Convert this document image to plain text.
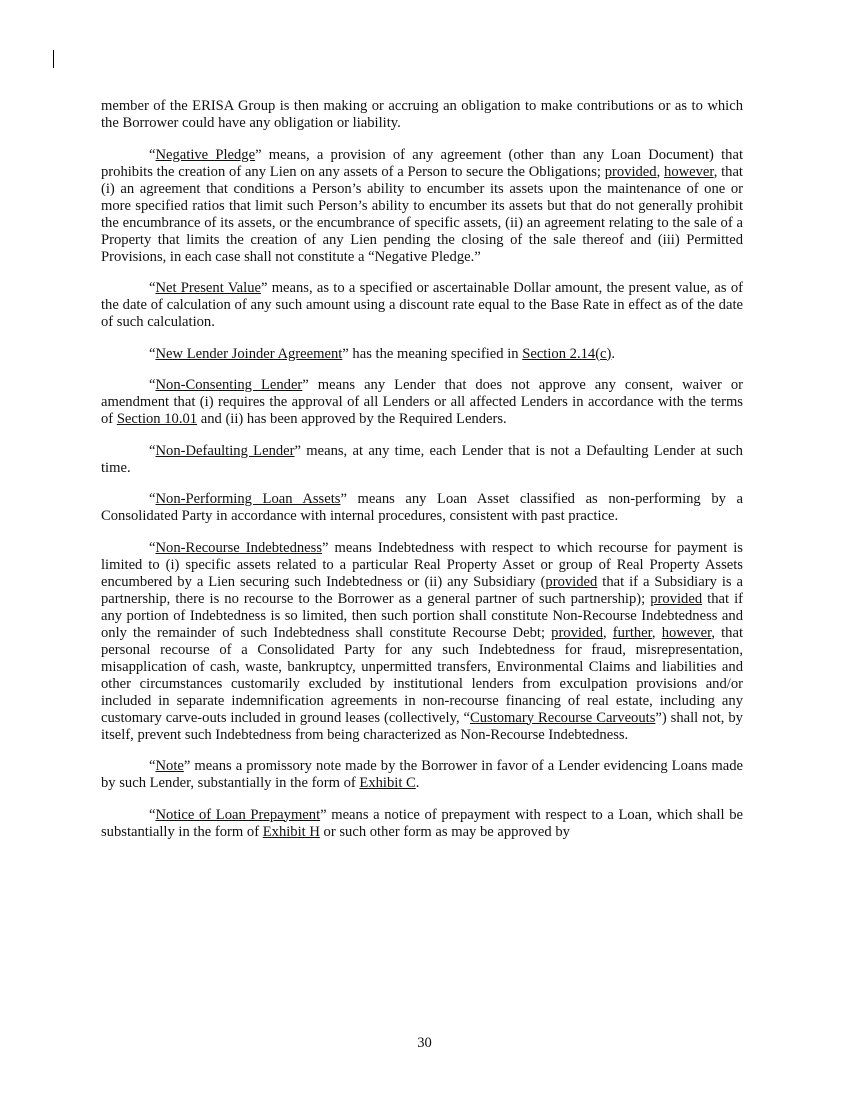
member of the ERISA Group is then making or accruing an obligation to make contributions or as to which the Borrower could have any obligation or liability.

“Negative Pledge” means, a provision of any agreement (other than any Loan Document) that prohibits the creation of any Lien on any assets of a Person to secure the Obligations; provided, however, that (i) an agreement that conditions a Person’s ability to encumber its assets upon the maintenance of one or more specified ratios that limit such Person’s ability to encumber its assets but that do not generally prohibit the encumbrance of its assets, or the encumbrance of specific assets, (ii) an agreement relating to the sale of a Property that limits the creation of any Lien pending the closing of the sale thereof and (iii) Permitted Provisions, in each case shall not constitute a “Negative Pledge.”

“Net Present Value” means, as to a specified or ascertainable Dollar amount, the present value, as of the date of calculation of any such amount using a discount rate equal to the Base Rate in effect as of the date of such calculation.

“New Lender Joinder Agreement” has the meaning specified in Section 2.14(c).

“Non-Consenting Lender” means any Lender that does not approve any consent, waiver or amendment that (i) requires the approval of all Lenders or all affected Lenders in accordance with the terms of Section 10.01 and (ii) has been approved by the Required Lenders.

“Non-Defaulting Lender” means, at any time, each Lender that is not a Defaulting Lender at such time.

“Non-Performing Loan Assets” means any Loan Asset classified as non-performing by a Consolidated Party in accordance with internal procedures, consistent with past practice.

“Non-Recourse Indebtedness” means Indebtedness with respect to which recourse for payment is limited to (i) specific assets related to a particular Real Property Asset or group of Real Property Assets encumbered by a Lien securing such Indebtedness or (ii) any Subsidiary (provided that if a Subsidiary is a partnership, there is no recourse to the Borrower as a general partner of such partnership); provided that if any portion of Indebtedness is so limited, then such portion shall constitute Non-Recourse Indebtedness and only the remainder of such Indebtedness shall constitute Recourse Debt; provided, further, however, that personal recourse of a Consolidated Party for any such Indebtedness for fraud, misrepresentation, misapplication of cash, waste, bankruptcy, unpermitted transfers, Environmental Claims and liabilities and other circumstances customarily excluded by institutional lenders from exculpation provisions and/or included in separate indemnification agreements in non-recourse financing of real estate, including any customary carve-outs included in ground leases (collectively, “Customary Recourse Carveouts”) shall not, by itself, prevent such Indebtedness from being characterized as Non-Recourse Indebtedness.

“Note” means a promissory note made by the Borrower in favor of a Lender evidencing Loans made by such Lender, substantially in the form of Exhibit C.

“Notice of Loan Prepayment” means a notice of prepayment with respect to a Loan, which shall be substantially in the form of Exhibit H or such other form as may be approved by

30
